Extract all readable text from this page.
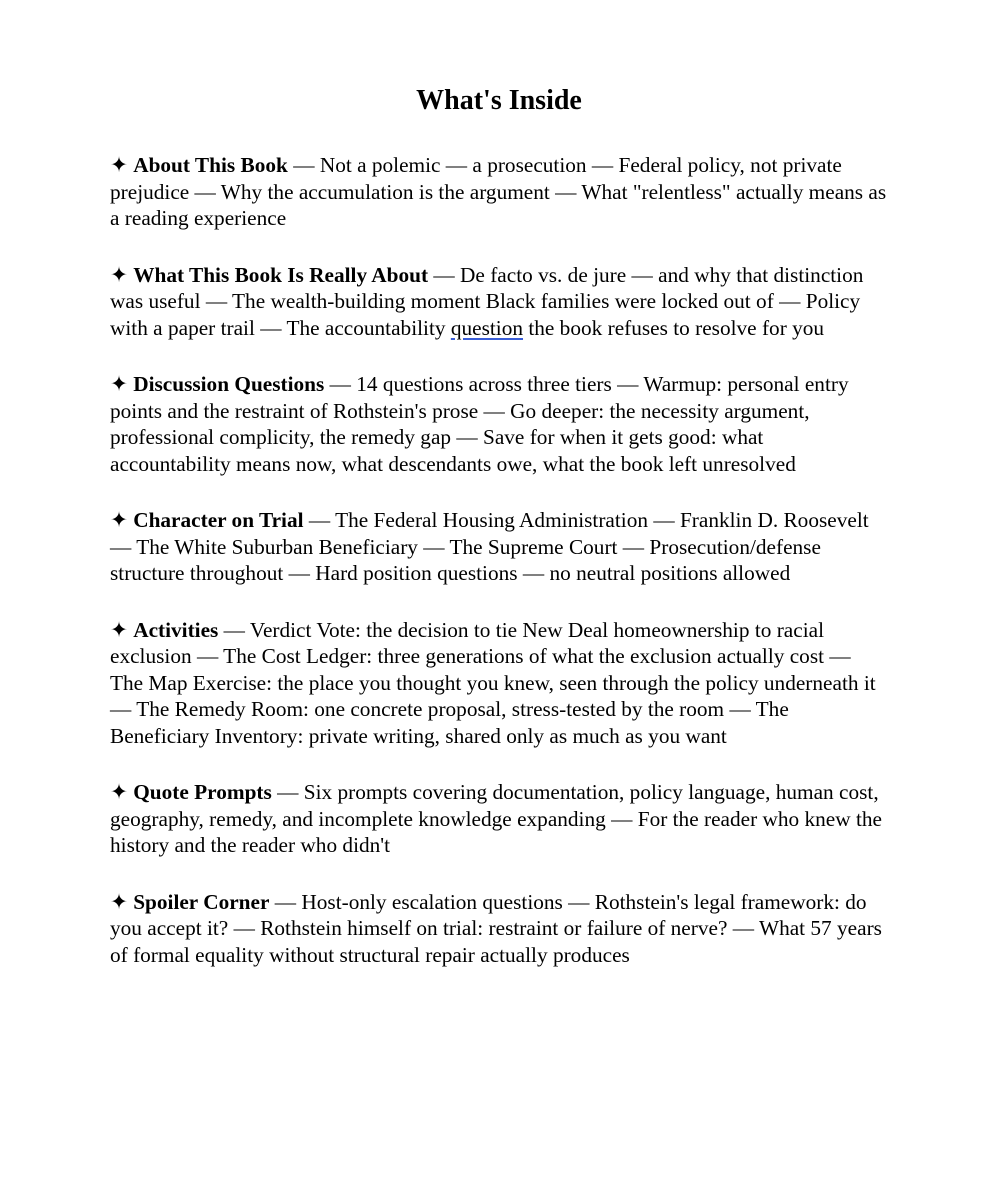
What's Inside

✦ About This Book — Not a polemic — a prosecution — Federal policy, not private prejudice — Why the accumulation is the argument — What "relentless" actually means as a reading experience

✦ What This Book Is Really About — De facto vs. de jure — and why that distinction was useful — The wealth-building moment Black families were locked out of — Policy with a paper trail — The accountability question the book refuses to resolve for you

✦ Discussion Questions — 14 questions across three tiers — Warmup: personal entry points and the restraint of Rothstein's prose — Go deeper: the necessity argument, professional complicity, the remedy gap — Save for when it gets good: what accountability means now, what descendants owe, what the book left unresolved

✦ Character on Trial — The Federal Housing Administration — Franklin D. Roosevelt — The White Suburban Beneficiary — The Supreme Court — Prosecution/defense structure throughout — Hard position questions — no neutral positions allowed

✦ Activities — Verdict Vote: the decision to tie New Deal homeownership to racial exclusion — The Cost Ledger: three generations of what the exclusion actually cost — The Map Exercise: the place you thought you knew, seen through the policy underneath it — The Remedy Room: one concrete proposal, stress-tested by the room — The Beneficiary Inventory: private writing, shared only as much as you want

✦ Quote Prompts — Six prompts covering documentation, policy language, human cost, geography, remedy, and incomplete knowledge expanding — For the reader who knew the history and the reader who didn't

✦ Spoiler Corner — Host-only escalation questions — Rothstein's legal framework: do you accept it? — Rothstein himself on trial: restraint or failure of nerve? — What 57 years of formal equality without structural repair actually produces
